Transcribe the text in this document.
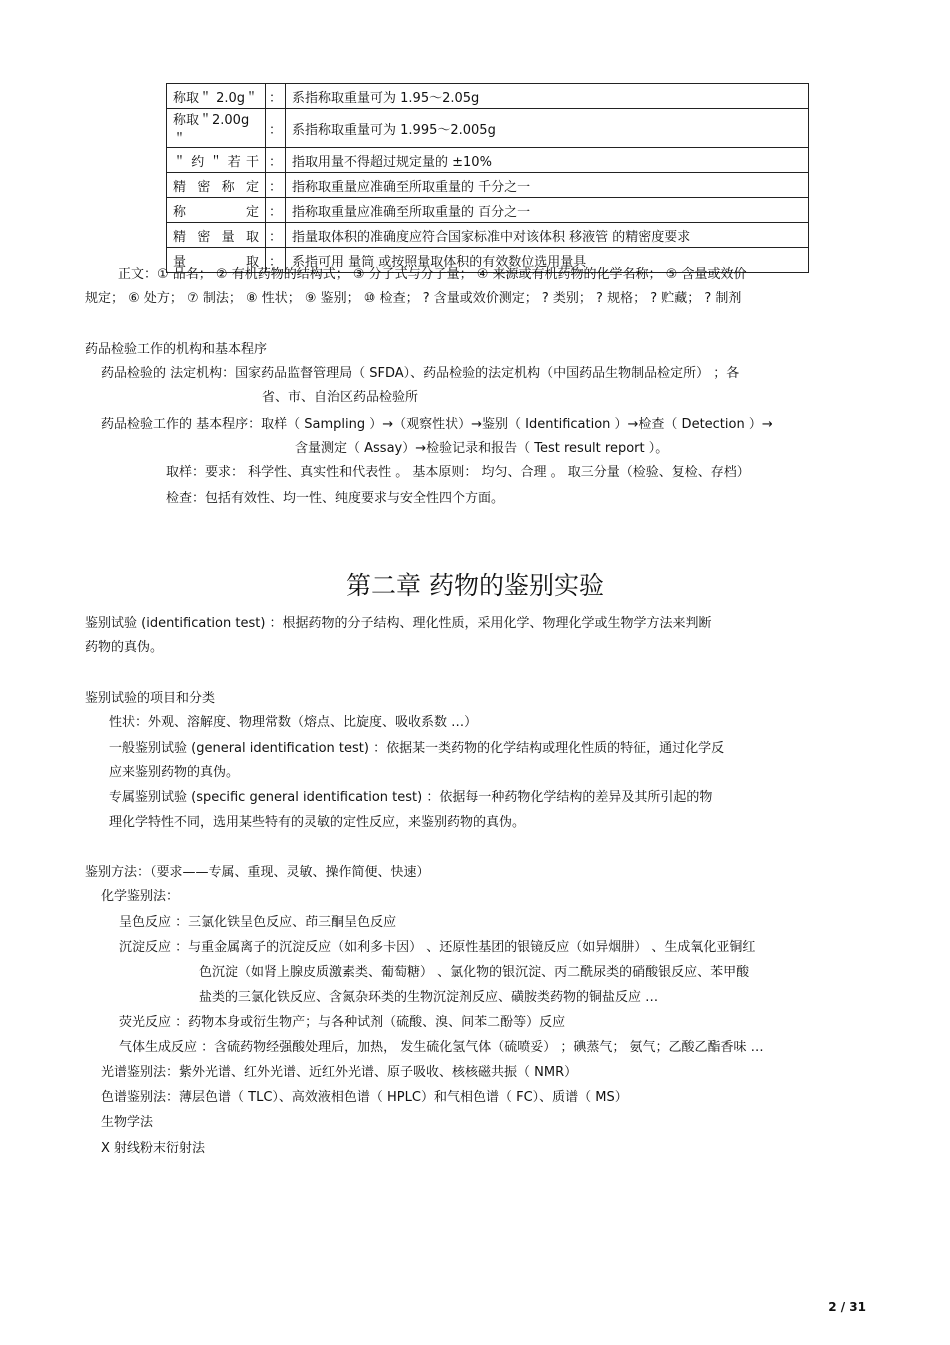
称取＂ 2.0g＂	：	系指称取重量可为 1.95～2.05g
称取＂2.00g ＂	：	系指称取重量可为 1.995～2.005g

＂约＂若干	：	指取用量不得超过规定量的 ±10%

精密称定	：	指称取重量应准确至所取重量的 千分之一

称定	：	指称取重量应准确至所取重量的 百分之一

精密量取	：	指量取体积的准确度应符合国家标准中对该体积 移液管 的精密度要求

量取	：	系指可用 量筒 或按照量取体积的有效数位选用量具
正文：① 品名； ② 有机药物的结构式； ③ 分子式与分子量； ④ 来源或有机药物的化学名称； ⑤ 含量或效价
规定； ⑥ 处方； ⑦ 制法； ⑧ 性状； ⑨ 鉴别； ⑩ 检查； ? 含量或效价测定； ? 类别； ? 规格； ? 贮藏； ? 制剂
药品检验工作的机构和基本程序
药品检验的 法定机构：国家药品监督管理局（ SFDA）、药品检验的法定机构（中国药品生物制品检定所） ；各
省、市、自治区药品检验所
药品检验工作的 基本程序：取样（ Sampling ）→（观察性状）→鉴别（ Identification ）→检查（ Detection ）→
含量测定（ Assay）→检验记录和报告（ Test result report ）。
取样：要求： 科学性、真实性和代表性 。 基本原则： 均匀、合理 。 取三分量（检验、复检、存档）
检查：包括有效性、均一性、纯度要求与安全性四个方面。
第二章 药物的鉴别实验
鉴别试验 (identification test) ：根据药物的分子结构、理化性质，采用化学、物理化学或生物学方法来判断
药物的真伪。
鉴别试验的项目和分类
性状：外观、溶解度、物理常数（熔点、比旋度、吸收系数 …）
一般鉴别试验 (general identification test) ：依据某一类药物的化学结构或理化性质的特征，通过化学反
应来鉴别药物的真伪。
专属鉴别试验 (specific general identification test) ：依据每一种药物化学结构的差异及其所引起的物
理化学特性不同，选用某些特有的灵敏的定性反应，来鉴别药物的真伪。
鉴别方法：（要求——专属、重现、灵敏、操作简便、快速）
化学鉴别法：
呈色反应 ：三氯化铁呈色反应、茚三酮呈色反应
沉淀反应 ：与重金属离子的沉淀反应（如利多卡因） 、还原性基团的银镜反应（如异烟肼） 、生成氧化亚铜红
色沉淀（如肾上腺皮质激素类、葡萄糖） 、氯化物的银沉淀、丙二酰尿类的硝酸银反应、苯甲酸
盐类的三氯化铁反应、含氮杂环类的生物沉淀剂反应、磺胺类药物的铜盐反应 …
荧光反应 ：药物本身或衍生物产；与各种试剂（硫酸、溴、间苯二酚等）反应
气体生成反应 ：含硫药物经强酸处理后，加热， 发生硫化氢气体（硫喷妥） ；碘蒸气； 氨气；乙酸乙酯香味 …
光谱鉴别法：紫外光谱、红外光谱、近红外光谱、原子吸收、核核磁共振（ NMR）
色谱鉴别法：薄层色谱（ TLC）、高效液相色谱（ HPLC）和气相色谱（ FC）、质谱（ MS）
生物学法
X 射线粉末衍射法
2 / 31
